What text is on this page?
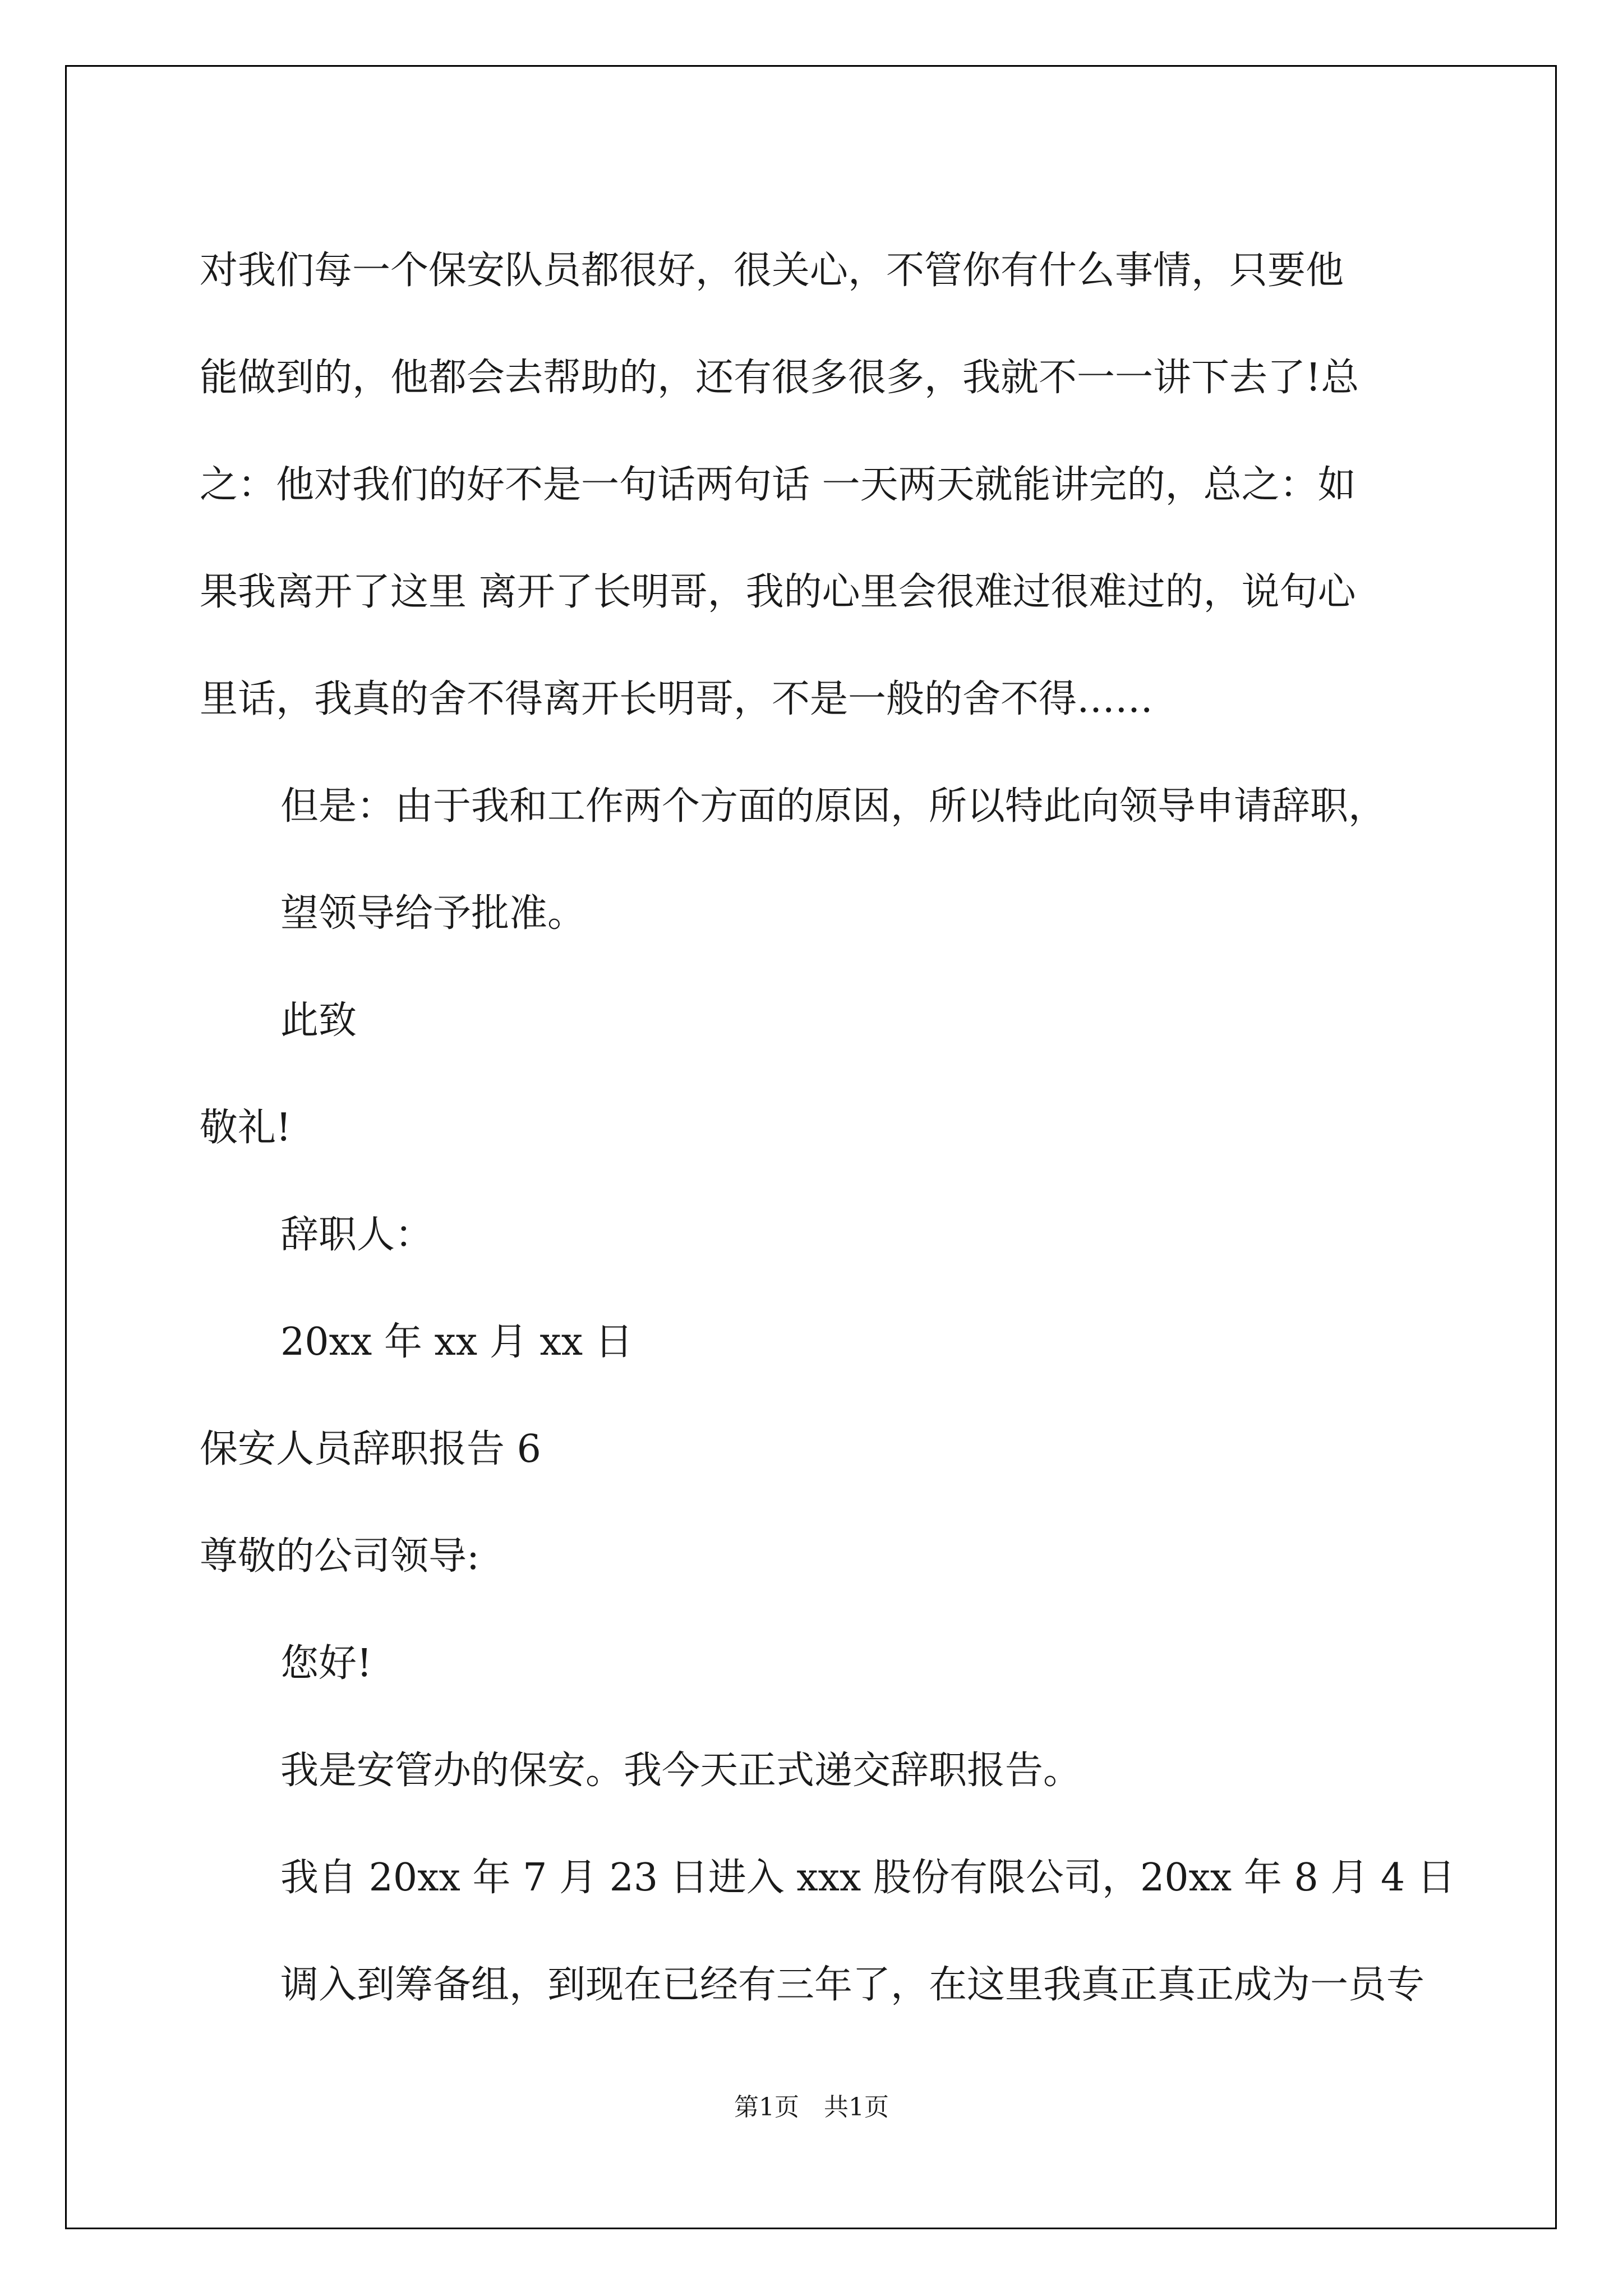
对我们每一个保安队员都很好，很关心，不管你有什么事情，只要他
能做到的，他都会去帮助的，还有很多很多，我就不一一讲下去了!总
之：他对我们的好不是一句话两句话 一天两天就能讲完的，总之：如
果我离开了这里 离开了长明哥，我的心里会很难过很难过的，说句心
里话，我真的舍不得离开长明哥，不是一般的舍不得……
但是：由于我和工作两个方面的原因，所以特此向领导申请辞职，
望领导给予批准。
此致
敬礼!
辞职人：
20xx 年 xx 月 xx 日
保安人员辞职报告 6
尊敬的公司领导:
您好!
我是安管办的保安。我今天正式递交辞职报告。
我自 20xx 年 7 月 23 日进入 xxx 股份有限公司，20xx 年 8 月 4 日
调入到筹备组，到现在已经有三年了，在这里我真正真正成为一员专
第1页　共1页
